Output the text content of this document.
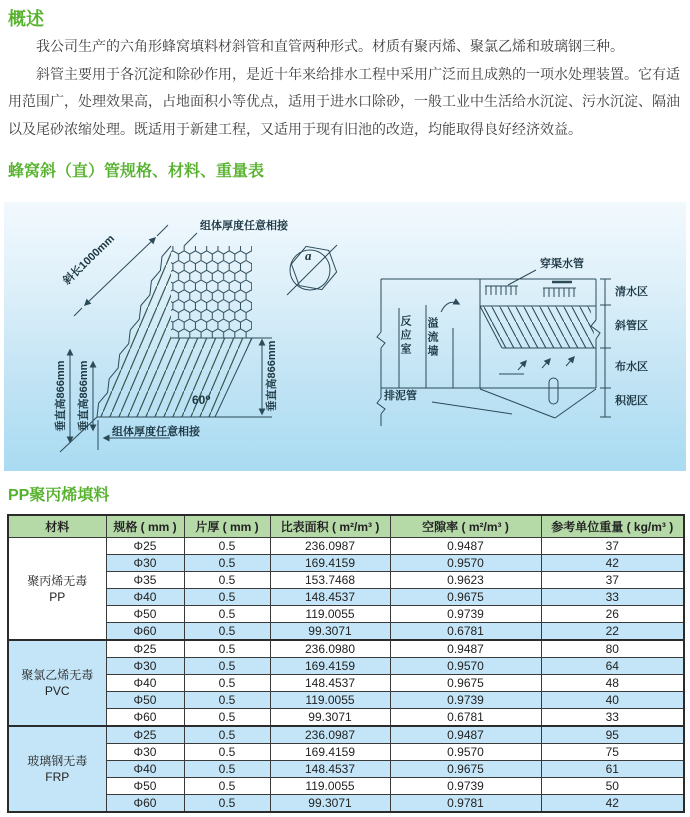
概述

我公司生产的六角形蜂窝填料材斜管和直管两种形式。材质有聚丙烯、聚氯乙烯和玻璃钢三种。

斜管主要用于各沉淀和除砂作用，是近十年来给排水工程中采用广泛而且成熟的一项水处理装置。它有适用范围广，处理效果高，占地面积小等优点，适用于进水口除砂，一般工业中生活给水沉淀、污水沉淀、隔油以及尾砂浓缩处理。既适用于新建工程，又适用于现有旧池的改造，均能取得良好经济效益。

蜂窝斜（直）管规格、材料、重量表
组体厚度任意相接
斜长1000mm
垂直高866mm 垂直高866mm	垂直高866mm
60⁰
组体厚度任意相接
a
穿渠水管
反应室 溢流墙
排泥管
清水区
斜管区
布水区
积泥区
PP聚丙烯填料
材料	规格 ( mm )	片厚 ( mm )	比表面积 ( m²/m³ )	空隙率 ( m²/m³ )	参考单位重量 ( kg/m³ )

聚丙烯无毒
PP	Φ25	0.5	236.0987	0.9487	37
	Φ30	0.5	169.4159	0.9570	42
	Φ35	0.5	153.7468	0.9623	37
	Φ40	0.5	148.4537	0.9675	33
	Φ50	0.5	119.0055	0.9739	26
	Φ60	0.5	99.3071	0.6781	22

聚氯乙烯无毒
PVC	Φ25	0.5	236.0980	0.9487	80
	Φ30	0.5	169.4159	0.9570	64
	Φ40	0.5	148.4537	0.9675	48
	Φ50	0.5	119.0055	0.9739	40
	Φ60	0.5	99.3071	0.6781	33

玻璃钢无毒
FRP	Φ25	0.5	236.0987	0.9487	95
	Φ30	0.5	169.4159	0.9570	75
	Φ40	0.5	148.4537	0.9675	61
	Φ50	0.5	119.0055	0.9739	50
	Φ60	0.5	99.3071	0.9781	42
